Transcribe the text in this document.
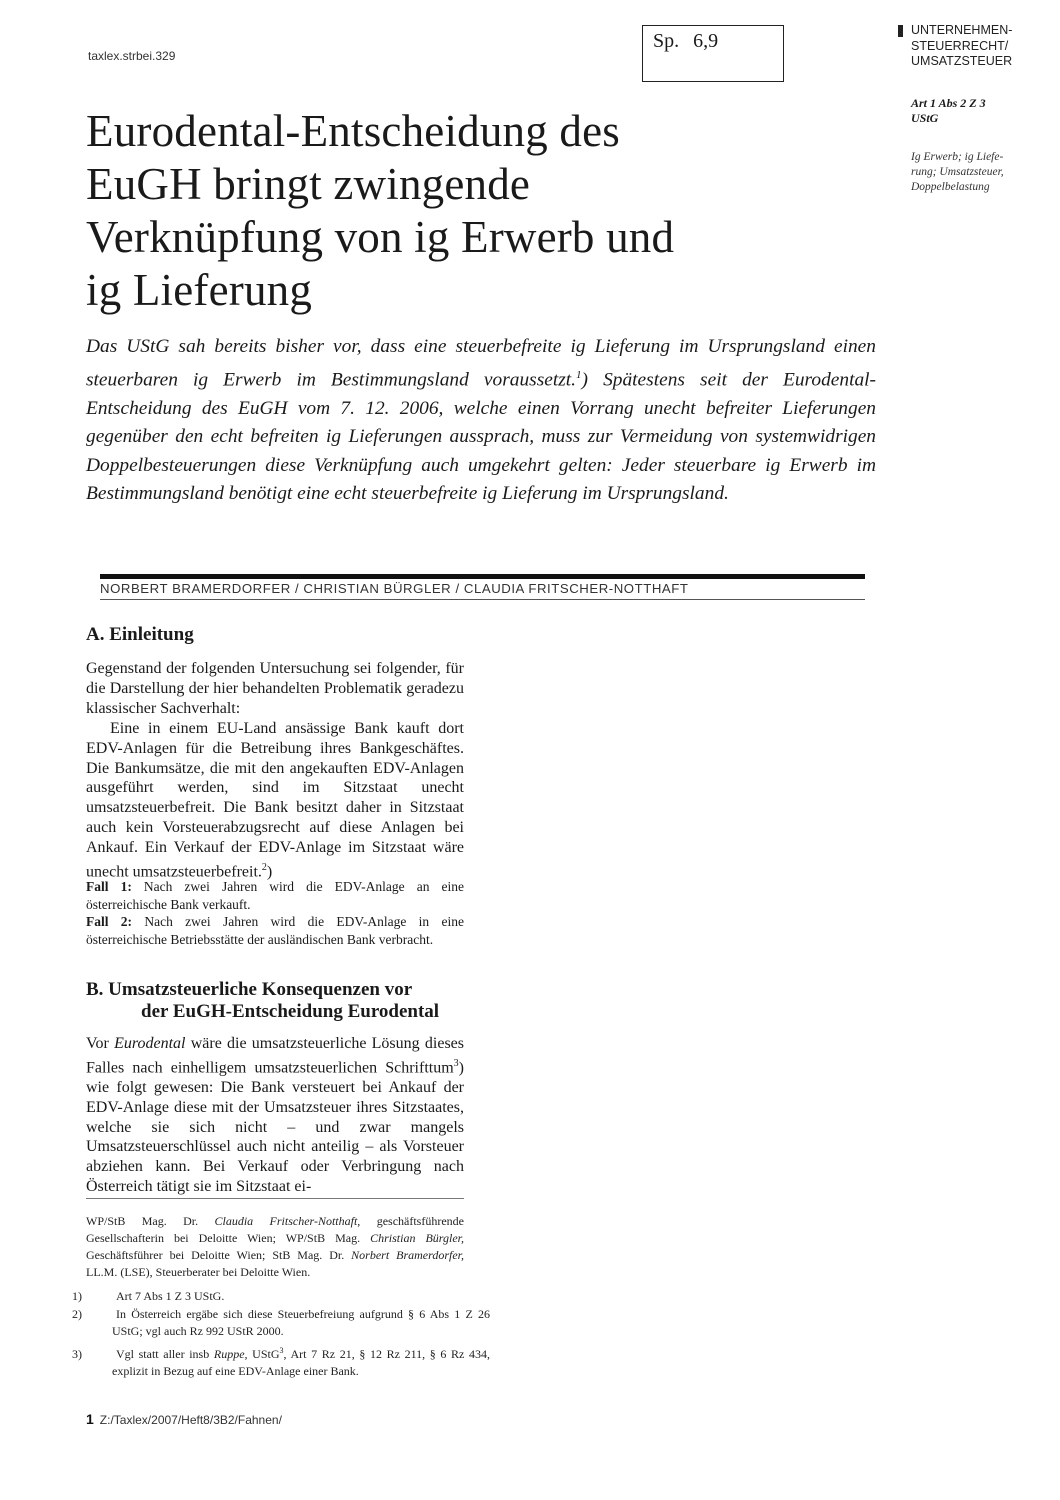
taxlex.strbei.329
Sp. 6,9	UNTERNEHMEN-
STEUERRECHT/
UMSATZSTEUER
Art 1 Abs 2 Z 3
UStG
Ig Erwerb; ig Liefe-
rung; Umsatzsteuer,
Doppelbelastung
Eurodental-Entscheidung des
EuGH bringt zwingende
Verknüpfung von ig Erwerb und
ig Lieferung

Das UStG sah bereits bisher vor, dass eine steuerbefreite ig Lieferung im Ursprungsland einen steuerbaren ig Erwerb im Bestimmungsland voraussetzt.$^1$) Spätestens seit der Eurodental-Entscheidung des EuGH vom 7. 12. 2006, welche einen Vorrang unecht befreiter Lieferungen gegenüber den echt befreiten ig Lieferungen aussprach, muss zur Vermeidung von systemwidrigen Doppelbesteuerungen diese Verknüpfung auch umgekehrt gelten: Jeder steuerbare ig Erwerb im Bestimmungsland benötigt eine echt steuerbefreite ig Lieferung im Ursprungsland.

NORBERT BRAMERDORFER / CHRISTIAN BÜRGLER / CLAUDIA FRITSCHER-NOTTHAFT
A. Einleitung

Gegenstand der folgenden Untersuchung sei folgender, für die Darstellung der hier behandelten Problematik geradezu klassischer Sachverhalt:

Eine in einem EU-Land ansässige Bank kauft dort EDV-Anlagen für die Betreibung ihres Bankgeschäftes. Die Bankumsätze, die mit den angekauften EDV-Anlagen ausgeführt werden, sind im Sitzstaat unecht umsatzsteuerbefreit. Die Bank besitzt daher in Sitzstaat auch kein Vorsteuerabzugsrecht auf diese Anlagen bei Ankauf. Ein Verkauf der EDV-Anlage im Sitzstaat wäre unecht umsatzsteuerbefreit.$^2$)

Fall 1: Nach zwei Jahren wird die EDV-Anlage an eine österreichische Bank verkauft.

Fall 2: Nach zwei Jahren wird die EDV-Anlage in eine österreichische Betriebsstätte der ausländischen Bank verbracht.

B. Umsatzsteuerliche Konsequenzen vor
der EuGH-Entscheidung Eurodental

Vor Eurodental wäre die umsatzsteuerliche Lösung dieses Falles nach einhelligem umsatzsteuerlichen Schrifttum$^3$) wie folgt gewesen: Die Bank versteuert bei Ankauf der EDV-Anlage diese mit der Umsatzsteuer ihres Sitzstaates, welche sie sich nicht – und zwar mangels Umsatzsteuerschlüssel auch nicht anteilig – als Vorsteuer abziehen kann. Bei Verkauf oder Verbringung nach Österreich tätigt sie im Sitzstaat ei-

WP/StB Mag. Dr. Claudia Fritscher-Notthaft, geschäftsführende Gesellschafterin bei Deloitte Wien; WP/StB Mag. Christian Bürgler, Geschäftsführer bei Deloitte Wien; StB Mag. Dr. Norbert Bramerdorfer, LL.M. (LSE), Steuerberater bei Deloitte Wien.

1)	Art 7 Abs 1 Z 3 UStG.

2)	In Österreich ergäbe sich diese Steuerbefreiung aufgrund § 6 Abs 1 Z 26 UStG; vgl auch Rz 992 UStR 2000.

3)	Vgl statt aller insb Ruppe, UStG$^3$, Art 7 Rz 21, § 12 Rz 211, § 6 Rz 434, explizit in Bezug auf eine EDV-Anlage einer Bank.

1 Z:/Taxlex/2007/Heft8/3B2/Fahnen/
